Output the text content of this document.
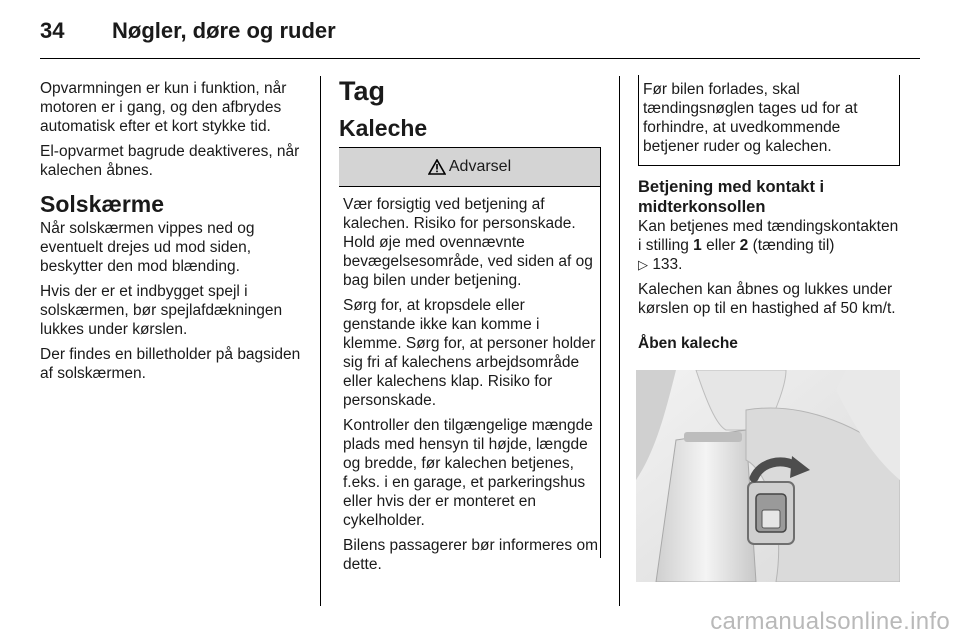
34 Nøgler, døre og ruder

Opvarmningen er kun i funktion, når motoren er i gang, og den afbrydes automatisk efter et kort stykke tid.

El-opvarmet bagrude deaktiveres, når kalechen åbnes.

Solskærme

Når solskærmen vippes ned og eventuelt drejes ud mod siden, beskytter den mod blænding.

Hvis der er et indbygget spejl i solskærmen, bør spejlafdækningen lukkes under kørslen.

Der findes en billetholder på bagsiden af solskærmen.

Tag
Kaleche
Advarsel

Vær forsigtig ved betjening af kalechen. Risiko for personskade. Hold øje med ovennævnte bevægelsesområde, ved siden af og bag bilen under betjening.

Sørg for, at kropsdele eller genstande ikke kan komme i klemme. Sørg for, at personer holder sig fri af kalechens arbejdsområde eller kalechens klap. Risiko for personskade.

Kontroller den tilgængelige mængde plads med hensyn til højde, længde og bredde, før kalechen betjenes, f.eks. i en garage, et parkeringshus eller hvis der er monteret en cykelholder.

Bilens passagerer bør informeres om dette.

Før bilen forlades, skal tændingsnøglen tages ud for at forhindre, at uvedkommende betjener ruder og kalechen.

Betjening med kontakt i midterkonsollen

Kan betjenes med tændingskontakten i stilling 1 eller 2 (tænding til)
▷ 133.

Kalechen kan åbnes og lukkes under kørslen op til en hastighed af 50 km/t.

Åben kaleche
carmanualsonline.info
